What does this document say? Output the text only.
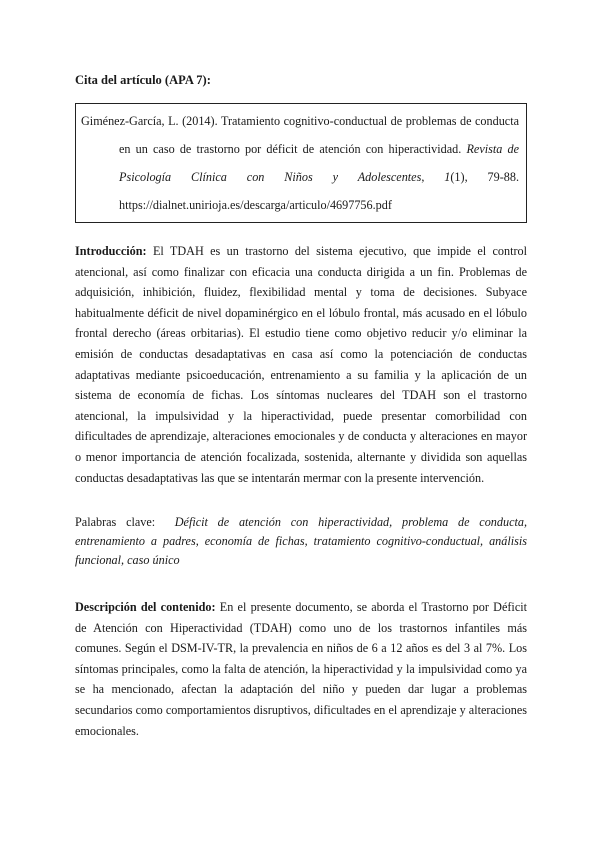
Cita del artículo (APA 7):

Giménez-García, L. (2014). Tratamiento cognitivo-conductual de problemas de conducta en un caso de trastorno por déficit de atención con hiperactividad. Revista de Psicología Clínica con Niños y Adolescentes, 1(1), 79-88. https://dialnet.unirioja.es/descarga/articulo/4697756.pdf

Introducción: El TDAH es un trastorno del sistema ejecutivo, que impide el control atencional, así como finalizar con eficacia una conducta dirigida a un fin. Problemas de adquisición, inhibición, fluidez, flexibilidad mental y toma de decisiones. Subyace habitualmente déficit de nivel dopaminérgico en el lóbulo frontal, más acusado en el lóbulo frontal derecho (áreas orbitarias). El estudio tiene como objetivo reducir y/o eliminar la emisión de conductas desadaptativas en casa así como la potenciación de conductas adaptativas mediante psicoeducación, entrenamiento a su familia y la aplicación de un sistema de economía de fichas. Los síntomas nucleares del TDAH son el trastorno atencional, la impulsividad y la hiperactividad, puede presentar comorbilidad con dificultades de aprendizaje, alteraciones emocionales y de conducta y alteraciones en mayor o menor importancia de atención focalizada, sostenida, alternante y dividida son aquellas conductas desadaptativas las que se intentarán mermar con la presente intervención.

Palabras clave: Déficit de atención con hiperactividad, problema de conducta, entrenamiento a padres, economía de fichas, tratamiento cognitivo-conductual, análisis funcional, caso único

Descripción del contenido: En el presente documento, se aborda el Trastorno por Déficit de Atención con Hiperactividad (TDAH) como uno de los trastornos infantiles más comunes. Según el DSM-IV-TR, la prevalencia en niños de 6 a 12 años es del 3 al 7%. Los síntomas principales, como la falta de atención, la hiperactividad y la impulsividad como ya se ha mencionado, afectan la adaptación del niño y pueden dar lugar a problemas secundarios como comportamientos disruptivos, dificultades en el aprendizaje y alteraciones emocionales.
